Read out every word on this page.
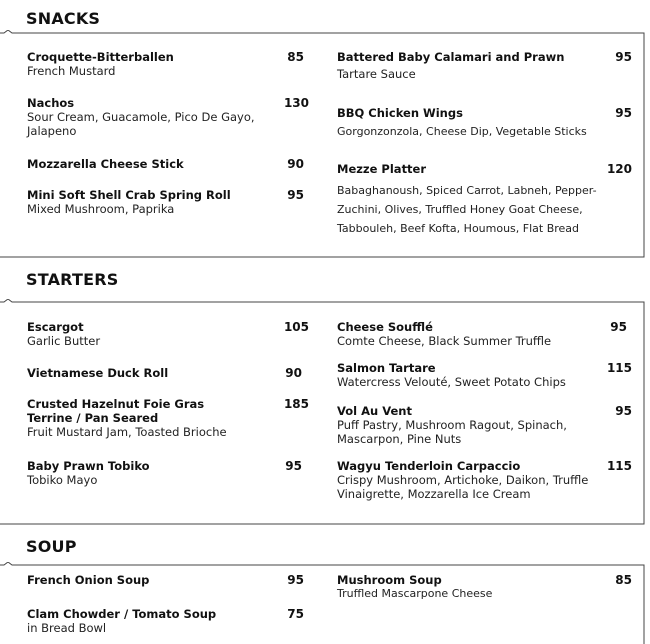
SNACKS
Croquette-Bitterballen
French Mustard
85
Nachos
Sour Cream, Guacamole, Pico De Gayo, Jalapeno
130
Mozzarella Cheese Stick	90
Mini Soft Shell Crab Spring Roll
Mixed Mushroom, Paprika
95
Battered Baby Calamari and Prawn
Tartare Sauce
95
BBQ Chicken Wings
Gorgonzonzola, Cheese Dip, Vegetable Sticks
95
Mezze Platter
Babaghanoush, Spiced Carrot, Labneh, Pepper-Zuchini, Olives, Truffled Honey Goat Cheese, Tabbouleh, Beef Kofta, Houmous, Flat Bread
120
STARTERS
Escargot
Garlic Butter
105
Vietnamese Duck Roll	90
Crusted Hazelnut Foie Gras Terrine / Pan Seared
Fruit Mustard Jam, Toasted Brioche
185
Baby Prawn Tobiko
Tobiko Mayo
95
Cheese Soufflé
Comte Cheese, Black Summer Truffle
95
Salmon Tartare
Watercress Velouté, Sweet Potato Chips
115
Vol Au Vent
Puff Pastry, Mushroom Ragout, Spinach, Mascarpon, Pine Nuts
95
Wagyu Tenderloin Carpaccio
Crispy Mushroom, Artichoke, Daikon, Truffle Vinaigrette, Mozzarella Ice Cream
115
SOUP
French Onion Soup	95
Clam Chowder / Tomato Soup
in Bread Bowl
75
Mushroom Soup
Truffled Mascarpone Cheese
85
